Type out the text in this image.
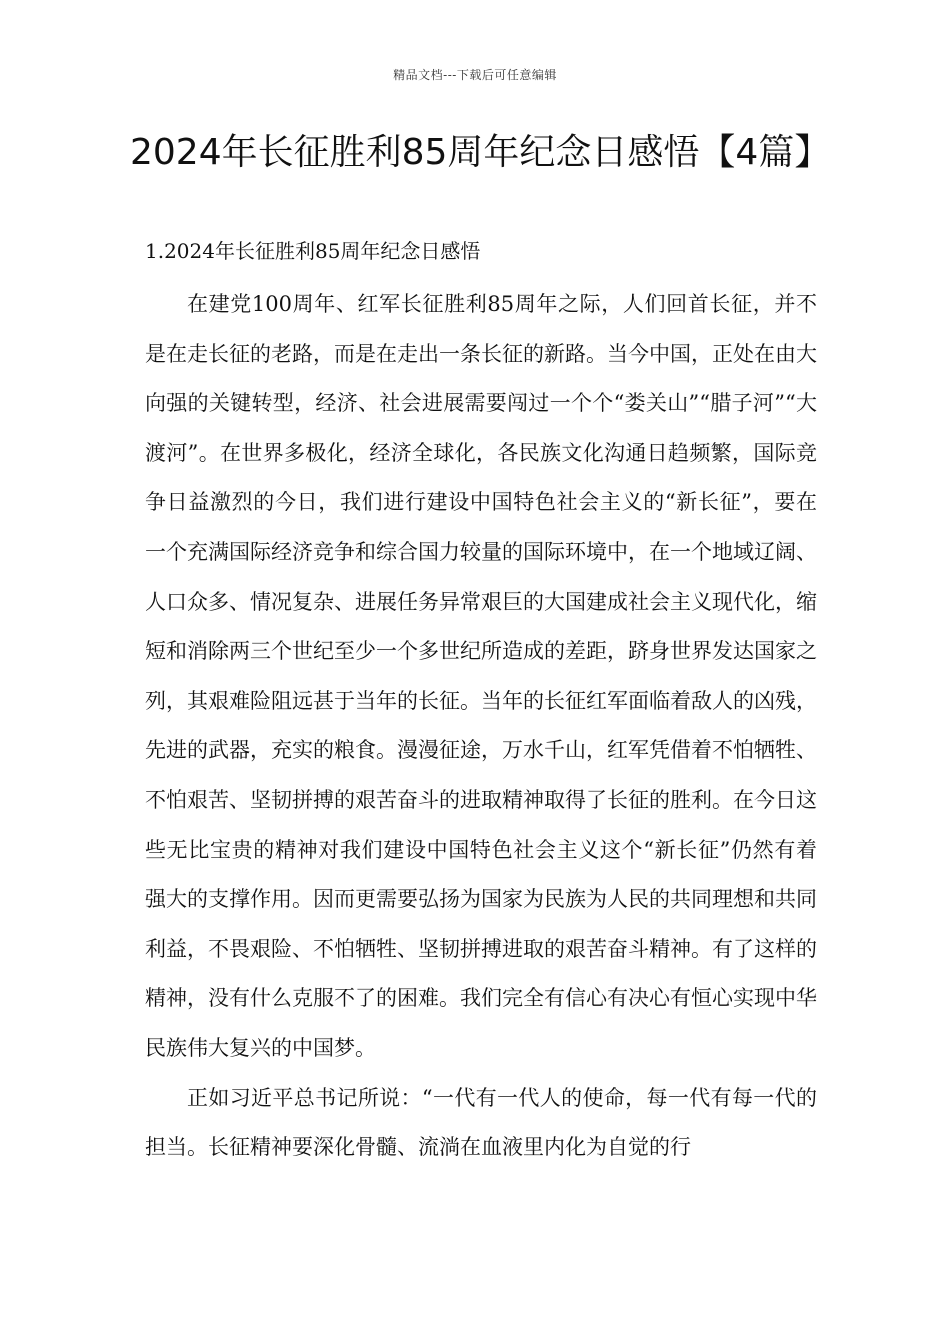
精品文档---下载后可任意编辑
2024年长征胜利85周年纪念日感悟【4篇】

1.2024年长征胜利85周年纪念日感悟

在建党100周年、红军长征胜利85周年之际，人们回首长征，并不是在走长征的老路，而是在走出一条长征的新路。当今中国，正处在由大向强的关键转型，经济、社会进展需要闯过一个个“娄关山”“腊子河”“大渡河”。在世界多极化，经济全球化，各民族文化沟通日趋频繁，国际竞争日益激烈的今日，我们进行建设中国特色社会主义的“新长征”，要在一个充满国际经济竞争和综合国力较量的国际环境中，在一个地域辽阔、人口众多、情况复杂、进展任务异常艰巨的大国建成社会主义现代化，缩短和消除两三个世纪至少一个多世纪所造成的差距，跻身世界发达国家之列，其艰难险阻远甚于当年的长征。当年的长征红军面临着敌人的凶残，先进的武器，充实的粮食。漫漫征途，万水千山，红军凭借着不怕牺牲、不怕艰苦、坚韧拼搏的艰苦奋斗的进取精神取得了长征的胜利。在今日这些无比宝贵的精神对我们建设中国特色社会主义这个“新长征”仍然有着强大的支撑作用。因而更需要弘扬为国家为民族为人民的共同理想和共同利益，不畏艰险、不怕牺牲、坚韧拼搏进取的艰苦奋斗精神。有了这样的精神，没有什么克服不了的困难。我们完全有信心有决心有恒心实现中华民族伟大复兴的中国梦。

正如习近平总书记所说：“一代有一代人的使命，每一代有每一代的担当。长征精神要深化骨髓、流淌在血液里内化为自觉的行
